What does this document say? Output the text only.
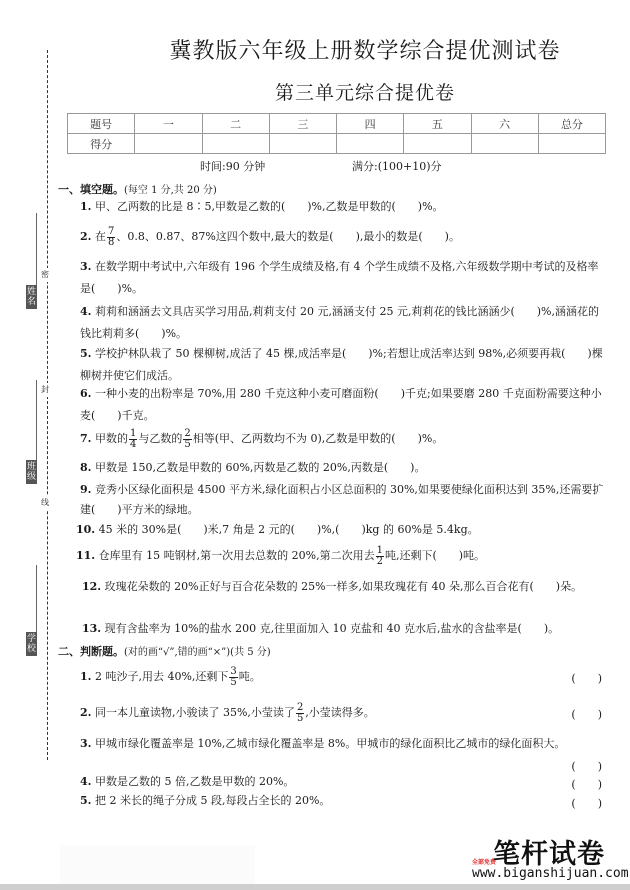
密
封
线
姓名
班级
学校
冀教版六年级上册数学综合提优测试卷
第三单元综合提优卷
题号	一	二	三	四	五	六	总分
得分							
时间:90 分钟	满分:(100+10)分
一、填空题。(每空 1 分,共 20 分)
1. 甲、乙两数的比是 8∶5,甲数是乙数的(　　)%,乙数是甲数的(　　)%。
2. 在 $\frac{7}{8}$ 、0.8、0.87、87%这四个数中,最大的数是(　　),最小的数是(　　)。
3. 在数学期中考试中,六年级有 196 个学生成绩及格,有 4 个学生成绩不及格,六年级数学期中考试的及格率是(　　)%。
4. 莉莉和涵涵去文具店买学习用品,莉莉支付 20 元,涵涵支付 25 元,莉莉花的钱比涵涵少(　　)%,涵涵花的钱比莉莉多(　　)%。
5. 学校护林队栽了 50 棵柳树,成活了 45 棵,成活率是(　　)%;若想让成活率达到 98%,必须要再栽(　　)棵柳树并使它们成活。
6. 一种小麦的出粉率是 70%,用 280 千克这种小麦可磨面粉(　　)千克;如果要磨 280 千克面粉需要这种小麦(　　)千克。
7. 甲数的 $\frac{1}{4}$ 与乙数的 $\frac{2}{5}$ 相等(甲、乙两数均不为 0),乙数是甲数的(　　)%。
8. 甲数是 150,乙数是甲数的 60%,丙数是乙数的 20%,丙数是(　　)。
9. 竞秀小区绿化面积是 4500 平方米,绿化面积占小区总面积的 30%,如果要使绿化面积达到 35%,还需要扩建(　　)平方米的绿地。
10. 45 米的 30%是(　　)米,7 角是 2 元的(　　)%,(　　)kg 的 60%是 5.4kg。
11. 仓库里有 15 吨钢材,第一次用去总数的 20%,第二次用去 $\frac{1}{2}$ 吨,还剩下(　　)吨。
12. 玫瑰花朵数的 20%正好与百合花朵数的 25%一样多,如果玫瑰花有 40 朵,那么百合花有(　　)朵。
13. 现有含盐率为 10%的盐水 200 克,往里面加入 10 克盐和 40 克水后,盐水的含盐率是(　　)。
二、判断题。(对的画“√”,错的画“×”)(共 5 分)
1. 2 吨沙子,用去 40%,还剩下 $\frac{3}{5}$ 吨。	(　　)
2. 同一本儿童读物,小骏读了 35%,小莹读了 $\frac{2}{5}$ ,小莹读得多。	(　　)
3. 甲城市绿化覆盖率是 10%,乙城市绿化覆盖率是 8%。甲城市的绿化面积比乙城市的绿化面积大。
(　　)
4. 甲数是乙数的 5 倍,乙数是甲数的 20%。	(　　)
5. 把 2 米长的绳子分成 5 段,每段占全长的 20%。	(　　)
全部免费
笔杆试卷
www.biganshijuan.com
